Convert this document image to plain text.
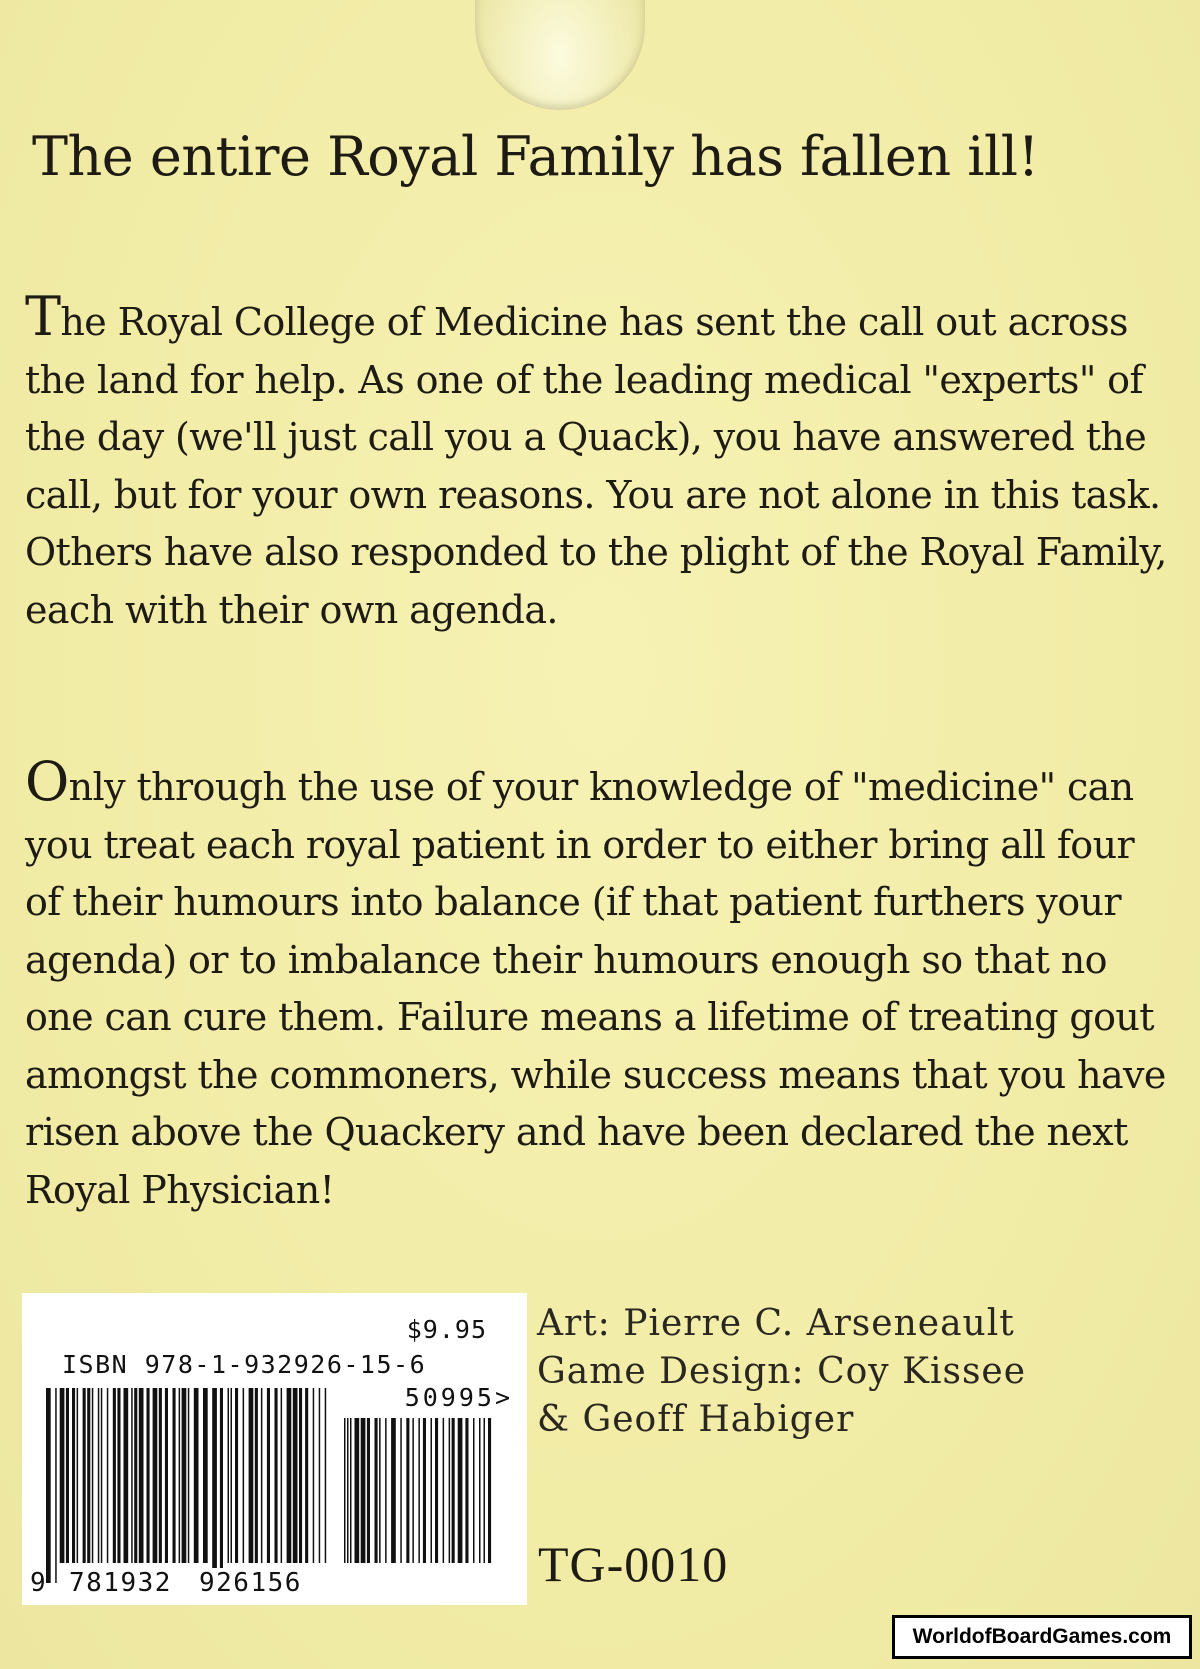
The entire Royal Family has fallen ill!

The Royal College of Medicine has sent the call out across the land for help. As one of the leading medical "experts" of the day (we'll just call you a Quack), you have answered the call, but for your own reasons. You are not alone in this task. Others have also responded to the plight of the Royal Family, each with their own agenda.

Only through the use of your knowledge of "medicine" can you treat each royal patient in order to either bring all four of their humours into balance (if that patient furthers your agenda) or to imbalance their humours enough so that no one can cure them. Failure means a lifetime of treating gout amongst the commoners, while success means that you have risen above the Quackery and have been declared the next Royal Physician!

$9.95
ISBN 978-1-932926-15-6
50995>
9 781932 926156
Art: Pierre C. Arseneault
Game Design: Coy Kissee
& Geoff Habiger
TG-0010
WorldofBoardGames.com
